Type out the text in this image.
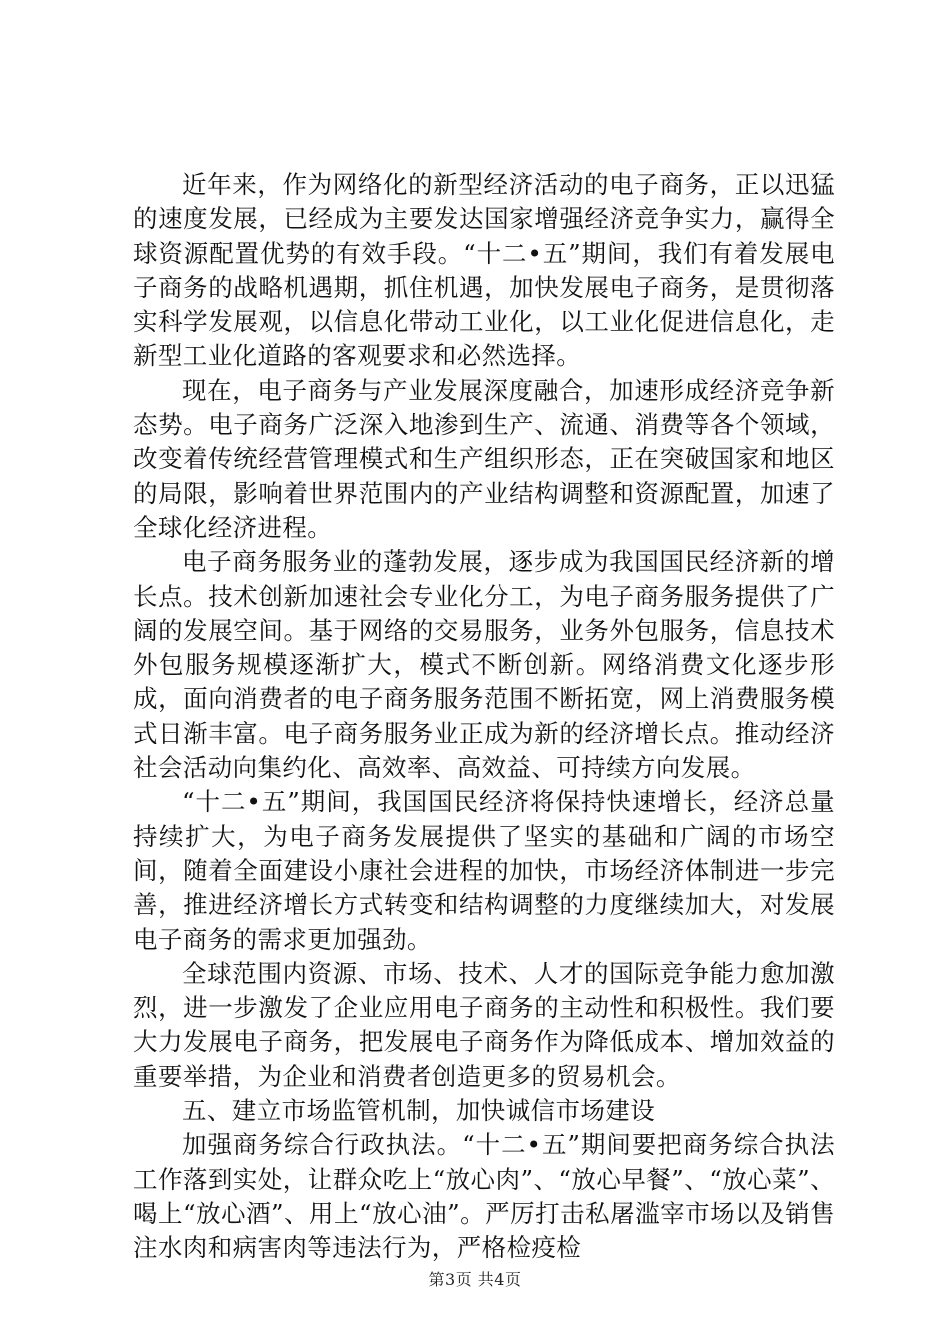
近年来，作为网络化的新型经济活动的电子商务，正以迅猛的速度发展，已经成为主要发达国家增强经济竞争实力，赢得全球资源配置优势的有效手段。“十二•五”期间，我们有着发展电子商务的战略机遇期，抓住机遇，加快发展电子商务，是贯彻落实科学发展观，以信息化带动工业化，以工业化促进信息化，走新型工业化道路的客观要求和必然选择。

现在，电子商务与产业发展深度融合，加速形成经济竞争新态势。电子商务广泛深入地渗到生产、流通、消费等各个领域，改变着传统经营管理模式和生产组织形态，正在突破国家和地区的局限，影响着世界范围内的产业结构调整和资源配置，加速了全球化经济进程。

电子商务服务业的蓬勃发展，逐步成为我国国民经济新的增长点。技术创新加速社会专业化分工，为电子商务服务提供了广阔的发展空间。基于网络的交易服务，业务外包服务，信息技术外包服务规模逐渐扩大，模式不断创新。网络消费文化逐步形成，面向消费者的电子商务服务范围不断拓宽，网上消费服务模式日渐丰富。电子商务服务业正成为新的经济增长点。推动经济社会活动向集约化、高效率、高效益、可持续方向发展。

“十二•五”期间，我国国民经济将保持快速增长，经济总量持续扩大，为电子商务发展提供了坚实的基础和广阔的市场空间，随着全面建设小康社会进程的加快，市场经济体制进一步完善，推进经济增长方式转变和结构调整的力度继续加大，对发展电子商务的需求更加强劲。

全球范围内资源、市场、技术、人才的国际竞争能力愈加激烈，进一步激发了企业应用电子商务的主动性和积极性。我们要大力发展电子商务，把发展电子商务作为降低成本、增加效益的重要举措，为企业和消费者创造更多的贸易机会。

五、建立市场监管机制，加快诚信市场建设

加强商务综合行政执法。“十二•五”期间要把商务综合执法工作落到实处，让群众吃上“放心肉”、“放心早餐”、“放心菜”、喝上“放心酒”、用上“放心油”。严厉打击私屠滥宰市场以及销售注水肉和病害肉等违法行为，严格检疫检

第3页 共4页
